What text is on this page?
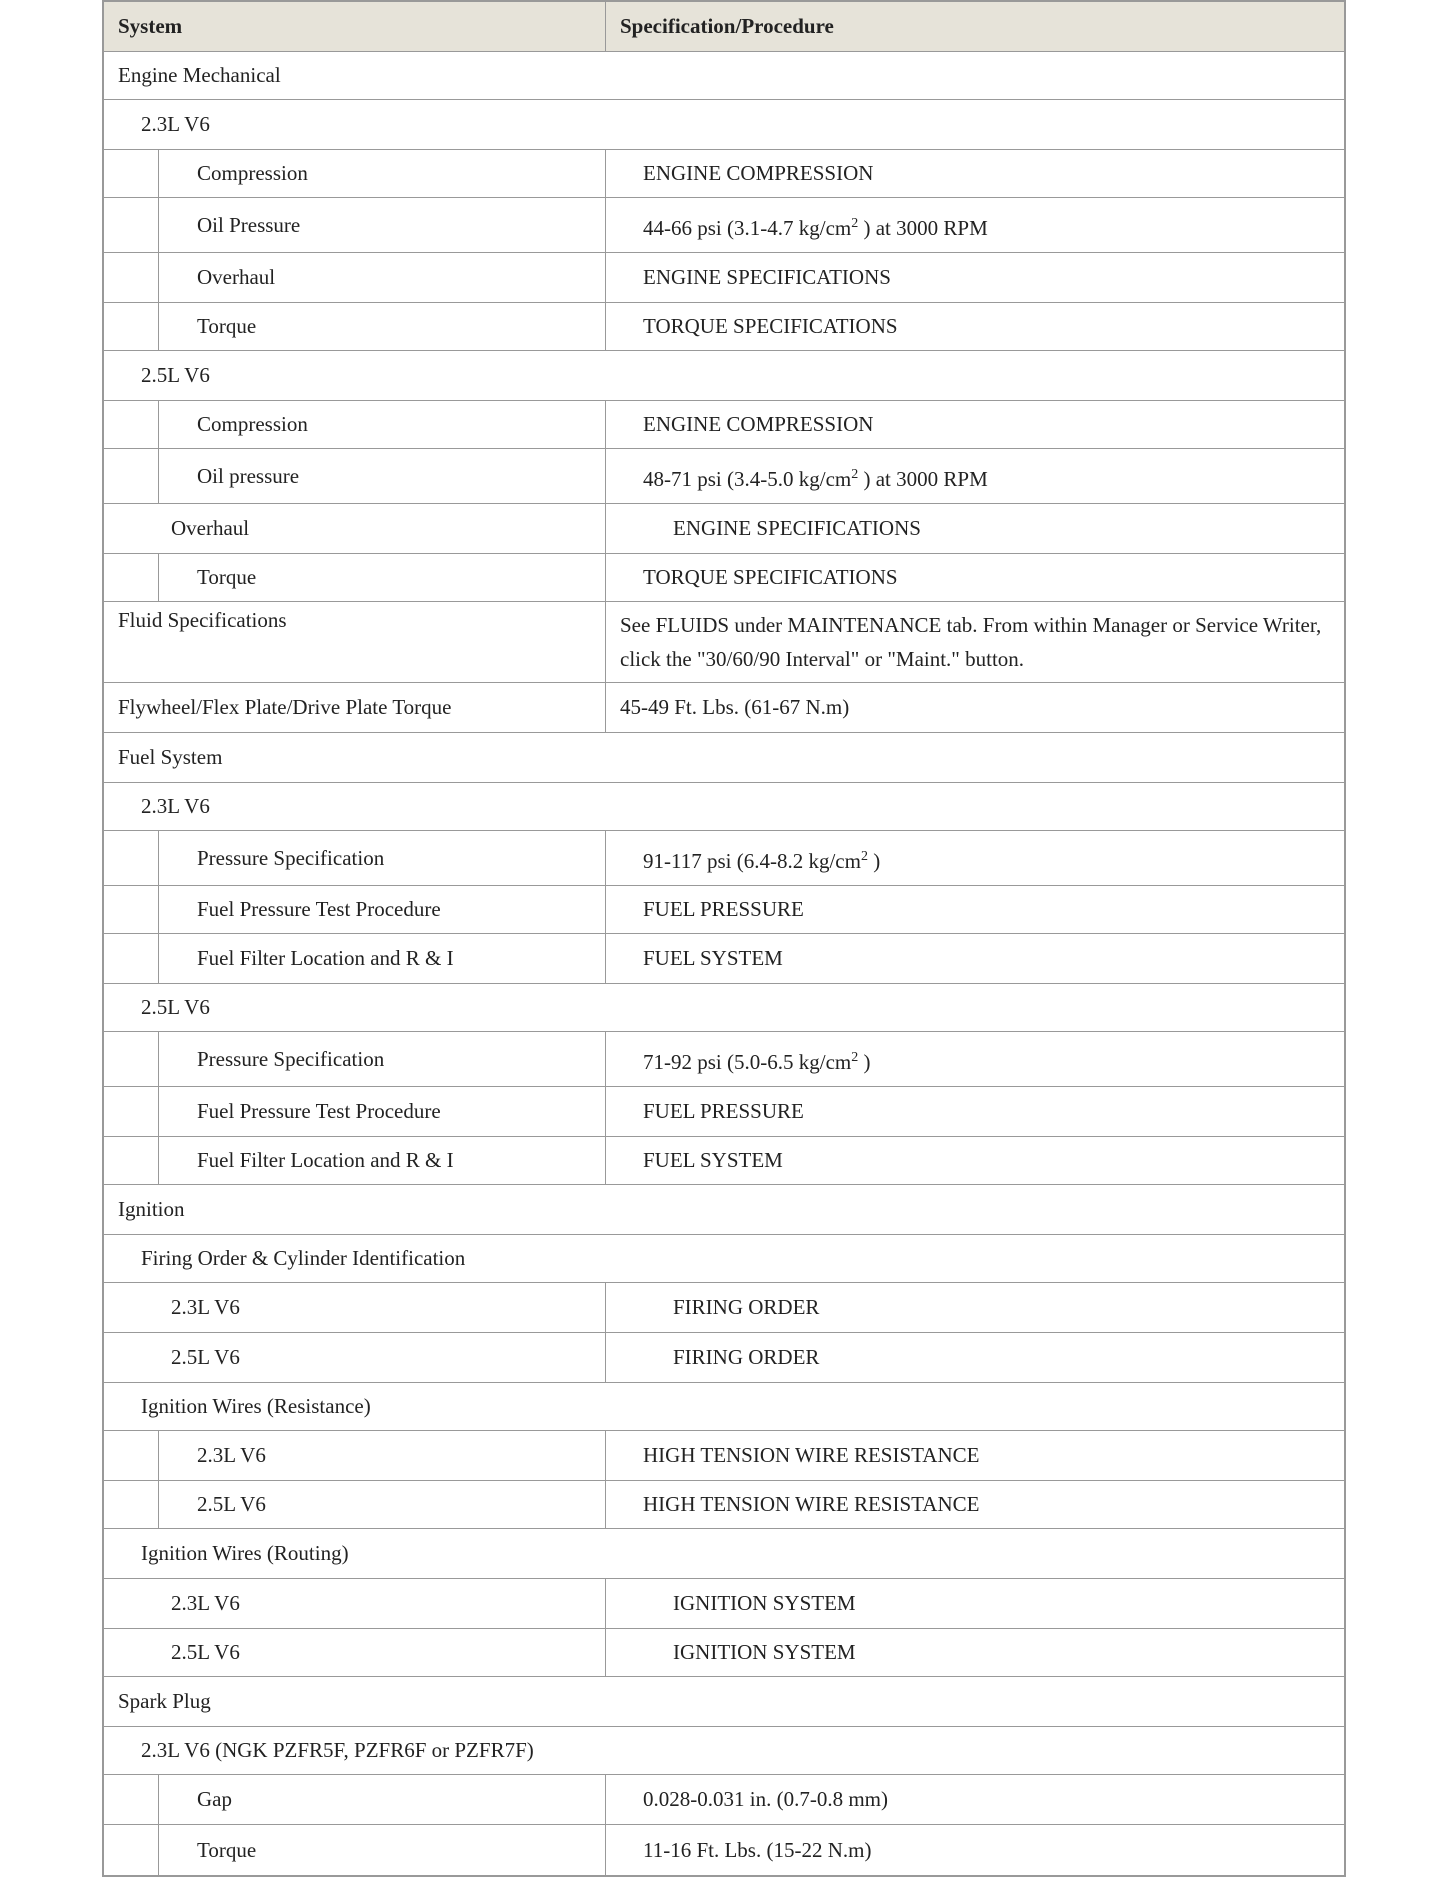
System	Specification/Procedure
Engine Mechanical
2.3L V6
Compression	ENGINE COMPRESSION
Oil Pressure	44-66 psi (3.1-4.7 $kg/cm^2$ ) at 3000 RPM
Overhaul	ENGINE SPECIFICATIONS
Torque	TORQUE SPECIFICATIONS
2.5L V6
Compression	ENGINE COMPRESSION
Oil pressure	48-71 psi (3.4-5.0 $kg/cm^2$ ) at 3000 RPM
Overhaul	ENGINE SPECIFICATIONS
Torque	TORQUE SPECIFICATIONS
Fluid Specifications	See FLUIDS under MAINTENANCE tab. From within Manager or Service Writer, click the "30/60/90 Interval" or "Maint." button.
Flywheel/Flex Plate/Drive Plate Torque	45-49 Ft. Lbs. (61-67 N.m)
Fuel System
2.3L V6
Pressure Specification	91-117 psi (6.4-8.2 $kg/cm^2$ )
Fuel Pressure Test Procedure	FUEL PRESSURE
Fuel Filter Location and R & I	FUEL SYSTEM
2.5L V6
Pressure Specification	71-92 psi (5.0-6.5 $kg/cm^2$ )
Fuel Pressure Test Procedure	FUEL PRESSURE
Fuel Filter Location and R & I	FUEL SYSTEM
Ignition
Firing Order & Cylinder Identification
2.3L V6	FIRING ORDER
2.5L V6	FIRING ORDER
Ignition Wires (Resistance)
2.3L V6	HIGH TENSION WIRE RESISTANCE
2.5L V6	HIGH TENSION WIRE RESISTANCE
Ignition Wires (Routing)
2.3L V6	IGNITION SYSTEM
2.5L V6	IGNITION SYSTEM
Spark Plug
2.3L V6 (NGK PZFR5F, PZFR6F or PZFR7F)
Gap	0.028-0.031 in. (0.7-0.8 mm)
Torque	11-16 Ft. Lbs. (15-22 N.m)
